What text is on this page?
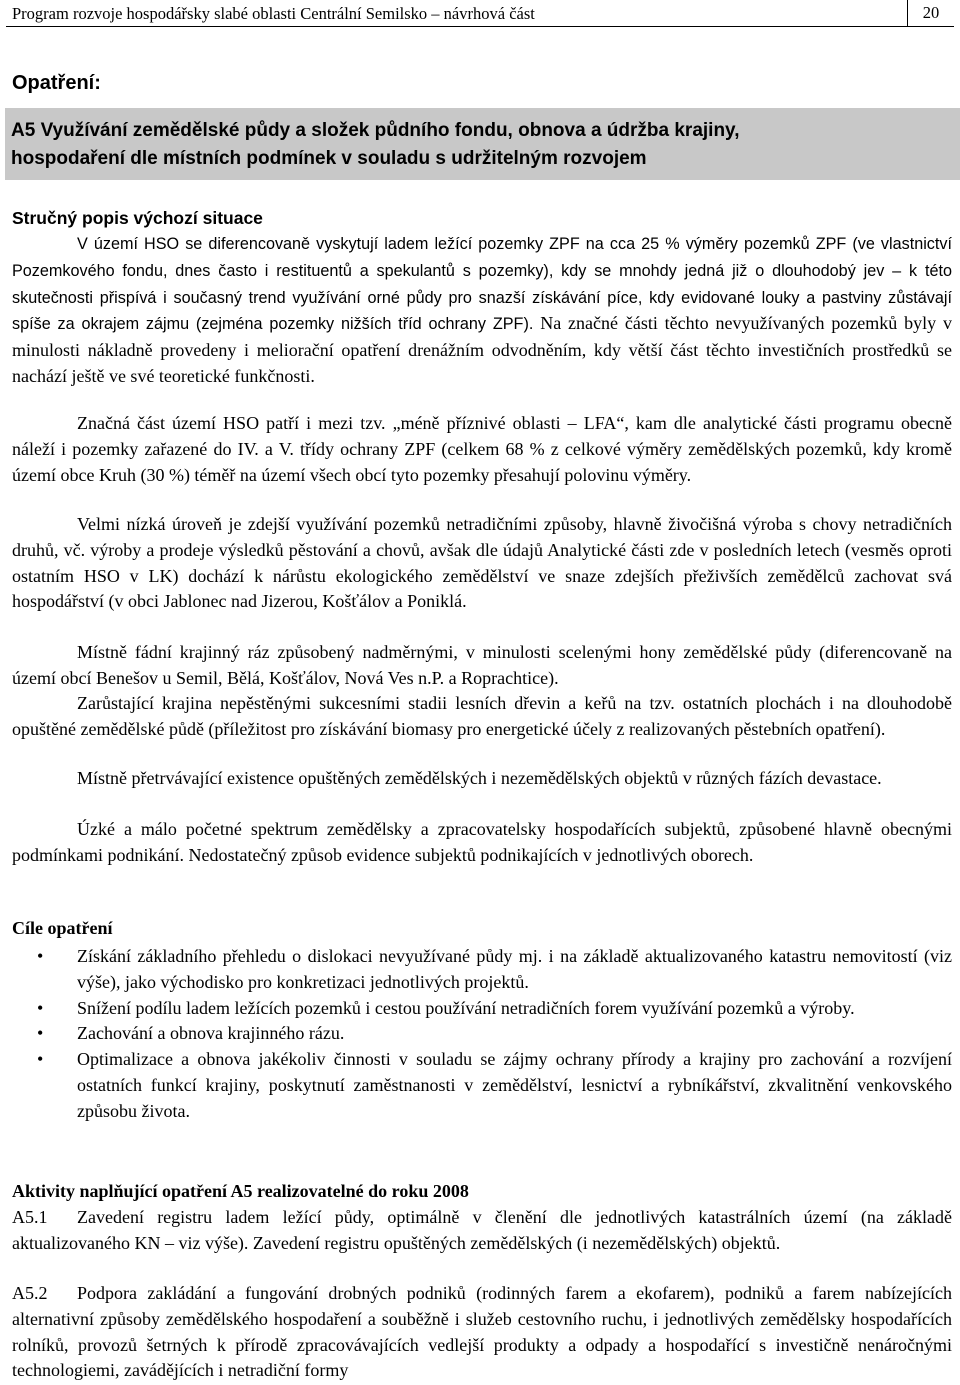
Program rozvoje hospodářsky slabé oblasti Centrální Semilsko – návrhová část	20
Opatření:
A5 Využívání zemědělské půdy a složek půdního fondu, obnova a údržba krajiny,
hospodaření dle místních podmínek v souladu s udržitelným rozvojem
Stručný popis výchozí situace
V území HSO se diferencovaně vyskytují ladem ležící pozemky ZPF na cca 25 % výměry pozemků ZPF (ve vlastnictví Pozemkového fondu, dnes často i restituentů a spekulantů s pozemky), kdy se mnohdy jedná již o dlouhodobý jev – k této skutečnosti přispívá i současný trend využívání orné půdy pro snazší získávání píce, kdy evidované louky a pastviny zůstávají spíše za okrajem zájmu (zejména pozemky nižších tříd ochrany ZPF). Na značné části těchto nevyužívaných pozemků byly v minulosti nákladně provedeny i meliorační opatření drenážním odvodněním, kdy větší část těchto investičních prostředků se nachází ještě ve své teoretické funkčnosti.
Značná část území HSO patří i mezi tzv. „méně příznivé oblasti – LFA“, kam dle analytické části programu obecně náleží i pozemky zařazené do IV. a V. třídy ochrany ZPF (celkem 68 % z celkové výměry zemědělských pozemků, kdy kromě území obce Kruh (30 %) téměř na území všech obcí tyto pozemky přesahují polovinu výměry.
Velmi nízká úroveň je zdejší využívání pozemků netradičními způsoby, hlavně živočišná výroba s chovy netradičních druhů, vč. výroby a prodeje výsledků pěstování a chovů, avšak dle údajů Analytické části zde v posledních letech (vesměs oproti ostatním HSO v LK) dochází k nárůstu ekologického zemědělství ve snaze zdejších přeživších zemědělců zachovat svá hospodářství (v obci Jablonec nad Jizerou, Košťálov a Poniklá.
Místně fádní krajinný ráz způsobený nadměrnými, v minulosti scelenými hony zemědělské půdy (diferencovaně na území obcí Benešov u Semil, Bělá, Košťálov, Nová Ves n.P. a Roprachtice).
Zarůstající krajina nepěstěnými sukcesními stadii lesních dřevin a keřů na tzv. ostatních plochách i na dlouhodobě opuštěné zemědělské půdě (příležitost pro získávání biomasy pro energetické účely z realizovaných pěstebních opatření).
Místně přetrvávající existence opuštěných zemědělských i nezemědělských objektů v různých fázích devastace.
Úzké a málo početné spektrum zemědělsky a zpracovatelsky hospodařících subjektů, způsobené hlavně obecnými podmínkami podnikání. Nedostatečný způsob evidence subjektů podnikajících v jednotlivých oborech.
Cíle opatření
• Získání základního přehledu o dislokaci nevyužívané půdy mj. i na základě aktualizovaného katastru nemovitostí (viz výše), jako východisko pro konkretizaci jednotlivých projektů.
• Snížení podílu ladem ležících pozemků i cestou používání netradičních forem využívání pozemků a výroby.
• Zachování a obnova krajinného rázu.
• Optimalizace a obnova jakékoliv činnosti v souladu se zájmy ochrany přírody a krajiny pro zachování a rozvíjení ostatních funkcí krajiny, poskytnutí zaměstnanosti v zemědělství, lesnictví a rybníkářství, zkvalitnění venkovského způsobu života.
Aktivity naplňující opatření A5 realizovatelné do roku 2008
A5.1	Zavedení registru ladem ležící půdy, optimálně v členění dle jednotlivých katastrálních území (na základě aktualizovaného KN – viz výše). Zavedení registru opuštěných zemědělských (i nezemědělských) objektů.
A5.2	Podpora zakládání a fungování drobných podniků (rodinných farem a ekofarem), podniků a farem nabízejících alternativní způsoby zemědělského hospodaření a souběžně i služeb cestovního ruchu, i jednotlivých zemědělsky hospodařících rolníků, provozů šetrných k přírodě zpracovávajících vedlejší produkty a odpady a hospodařící s investičně nenáročnými technologiemi, zavádějících i netradiční formy
